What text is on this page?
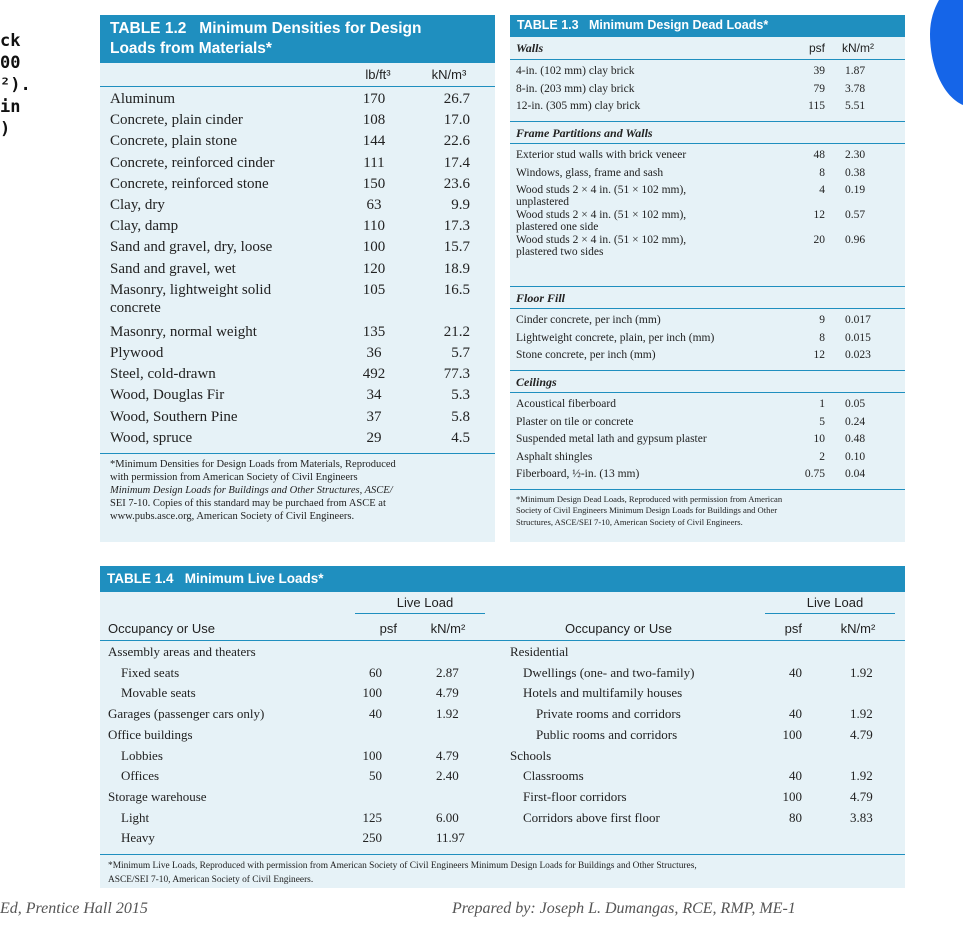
ck
00
²).
in
)
TABLE 1.2   Minimum Densities for Design
Loads from Materials*
lb/ft³	kN/m³
Aluminum	170	26.7
Concrete, plain cinder	108	17.0
Concrete, plain stone	144	22.6
Concrete, reinforced cinder	111	17.4
Concrete, reinforced stone	150	23.6
Clay, dry	63	9.9
Clay, damp	110	17.3
Sand and gravel, dry, loose	100	15.7
Sand and gravel, wet	120	18.9
Masonry, lightweight solid
concrete
105	16.5
Masonry, normal weight	135	21.2
Plywood	36	5.7
Steel, cold-drawn	492	77.3
Wood, Douglas Fir	34	5.3
Wood, Southern Pine	37	5.8
Wood, spruce	29	4.5
*Minimum Densities for Design Loads from Materials, Reproduced
with permission from American Society of Civil Engineers
Minimum Design Loads for Buildings and Other Structures, ASCE/
SEI 7-10. Copies of this standard may be purchaed from ASCE at
www.pubs.asce.org, American Society of Civil Engineers.
TABLE 1.3   Minimum Design Dead Loads*
Walls	psf kN/m²
4-in. (102 mm) clay brick	39 1.87
8-in. (203 mm) clay brick	79 3.78
12-in. (305 mm) clay brick	115 5.51
Frame Partitions and Walls
Exterior stud walls with brick veneer	48 2.30
Windows, glass, frame and sash	8 0.38
Wood studs 2 × 4 in. (51 × 102 mm),
unplastered
4 0.19
Wood studs 2 × 4 in. (51 × 102 mm),
plastered one side
12 0.57
Wood studs 2 × 4 in. (51 × 102 mm),
plastered two sides
20 0.96
Floor Fill
Cinder concrete, per inch (mm)	9 0.017
Lightweight concrete, plain, per inch (mm)	8 0.015
Stone concrete, per inch (mm)	12 0.023
Ceilings
Acoustical fiberboard	1 0.05
Plaster on tile or concrete	5 0.24
Suspended metal lath and gypsum plaster	10 0.48
Asphalt shingles	2 0.10
Fiberboard, ½-in. (13 mm)	0.75 0.04
*Minimum Design Dead Loads, Reproduced with permission from American
Society of Civil Engineers Minimum Design Loads for Buildings and Other
Structures, ASCE/SEI 7-10, American Society of Civil Engineers.
TABLE 1.4   Minimum Live Loads*
Live Load	Live Load
Occupancy or Use	psf	kN/m²	Occupancy or Use	psf	kN/m²
Assembly areas and theaters
Fixed seats	60	2.87
Movable seats	100	4.79
Garages (passenger cars only)	40	1.92
Office buildings
Lobbies	100	4.79
Offices	50	2.40
Storage warehouse
Light	125	6.00
Heavy	250	11.97
Residential
Dwellings (one- and two-family)	40	1.92
Hotels and multifamily houses
Private rooms and corridors	40	1.92
Public rooms and corridors	100	4.79
Schools
Classrooms	40	1.92
First-floor corridors	100	4.79
Corridors above first floor	80	3.83
*Minimum Live Loads, Reproduced with permission from American Society of Civil Engineers Minimum Design Loads for Buildings and Other Structures,
ASCE/SEI 7-10, American Society of Civil Engineers.
Ed, Prentice Hall 2015	Prepared by: Joseph L. Dumangas, RCE, RMP, ME-1
